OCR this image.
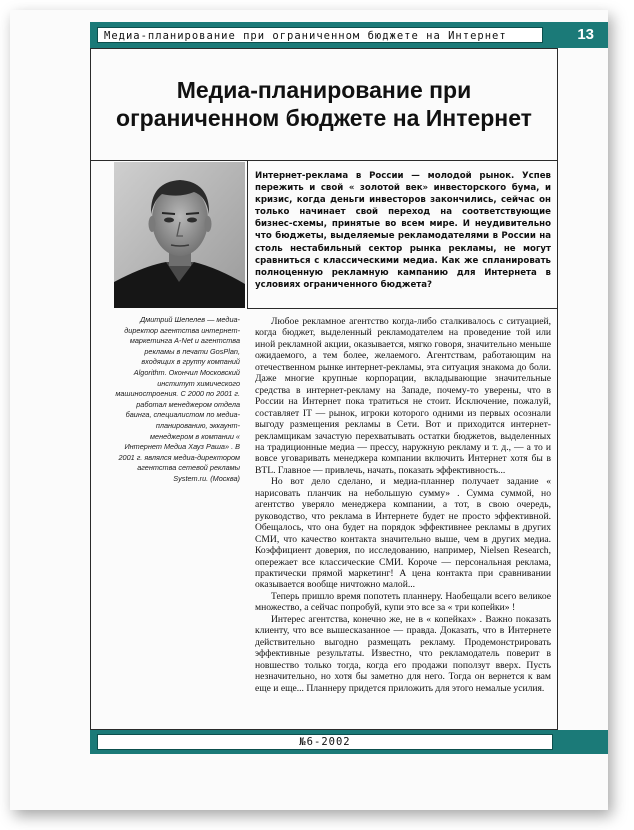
Медиа-планирование при ограниченном бюджете на Интернет	13
Медиа-планирование при
ограниченном бюджете на Интернет

Интернет-реклама в России — молодой рынок. Успев пережить и свой « золотой век» инвесторского бума, и кризис, когда деньги инвесторов закончились, сейчас он только начинает свой переход на соответствующие бизнес-схемы, принятые во всем мире. И неудивительно что бюджеты, выделяемые рекламодателями в России на столь нестабильный сектор рынка рекламы, не могут сравниться с классическими медиа. Как же спланировать полноценную рекламную кампанию для Интернета в условиях ограниченного бюджета?

Дмитрий Шепелев — медиа-директор агентства интернет-маркетинга A-Net и агентства рекламы в печати GosPlan, входящих в группу компаний Algorithm. Окончил Московский институт химического машиностроения. С 2000 по 2001 г. работал менеджером отдела баинга, специалистом по медиа-планированию, эккаунт-менеджером в компании « Интернет Медиа Хауз Раша» . В 2001 г. являлся медиа-директором агентства сетевой рекламы System.ru. (Москва)

Любое рекламное агентство когда-либо сталкивалось с ситуацией, когда бюджет, выделенный рекламодателем на проведение той или иной рекламной акции, оказывается, мягко говоря, значительно меньше ожидаемого, а тем более, желаемого. Агентствам, работающим на отечественном рынке интернет-рекламы, эта ситуация знакома до боли. Даже многие крупные корпорации, вкладывающие значительные средства в интернет-рекламу на Западе, почему-то уверены, что в России на Интернет пока тратиться не стоит. Исключение, пожалуй, составляет IT — рынок, игроки которого одними из первых осознали выгоду размещения рекламы в Сети. Вот и приходится интернет-рекламщикам зачастую перехватывать остатки бюджетов, выделенных на традиционные медиа — прессу, наружную рекламу и т. д., — а то и вовсе уговаривать менеджера компании включить Интернет хотя бы в BTL. Главное — привлечь, начать, показать эффективность...

Но вот дело сделано, и медиа-планнер получает задание « нарисовать планчик на небольшую сумму» . Сумма суммой, но агентство уверяло менеджера компании, а тот, в свою очередь, руководство, что реклама в Интернете будет не просто эффективной. Обещалось, что она будет на порядок эффективнее рекламы в других СМИ, что качество контакта значительно выше, чем в других медиа. Коэффициент доверия, по исследованию, например, Nielsen Research, опережает все классические СМИ. Короче — персональная реклама, практически прямой маркетинг! А цена контакта при сравнивании оказывается вообще ничтожно малой...

Теперь пришло время попотеть планнеру. Наобещали всего великое множество, а сейчас попробуй, купи это все за « три копейки» !

Интерес агентства, конечно же, не в « копейках» . Важно показать клиенту, что все вышесказанное — правда. Доказать, что в Интернете действительно выгодно размещать рекламу. Продемонстрировать эффективные результаты. Известно, что рекламодатель поверит в новшество только тогда, когда его продажи поползут вверх. Пусть незначительно, но хотя бы заметно для него. Тогда он вернется к вам еще и еще... Планнеру придется приложить для этого немалые усилия.

№6-2002
